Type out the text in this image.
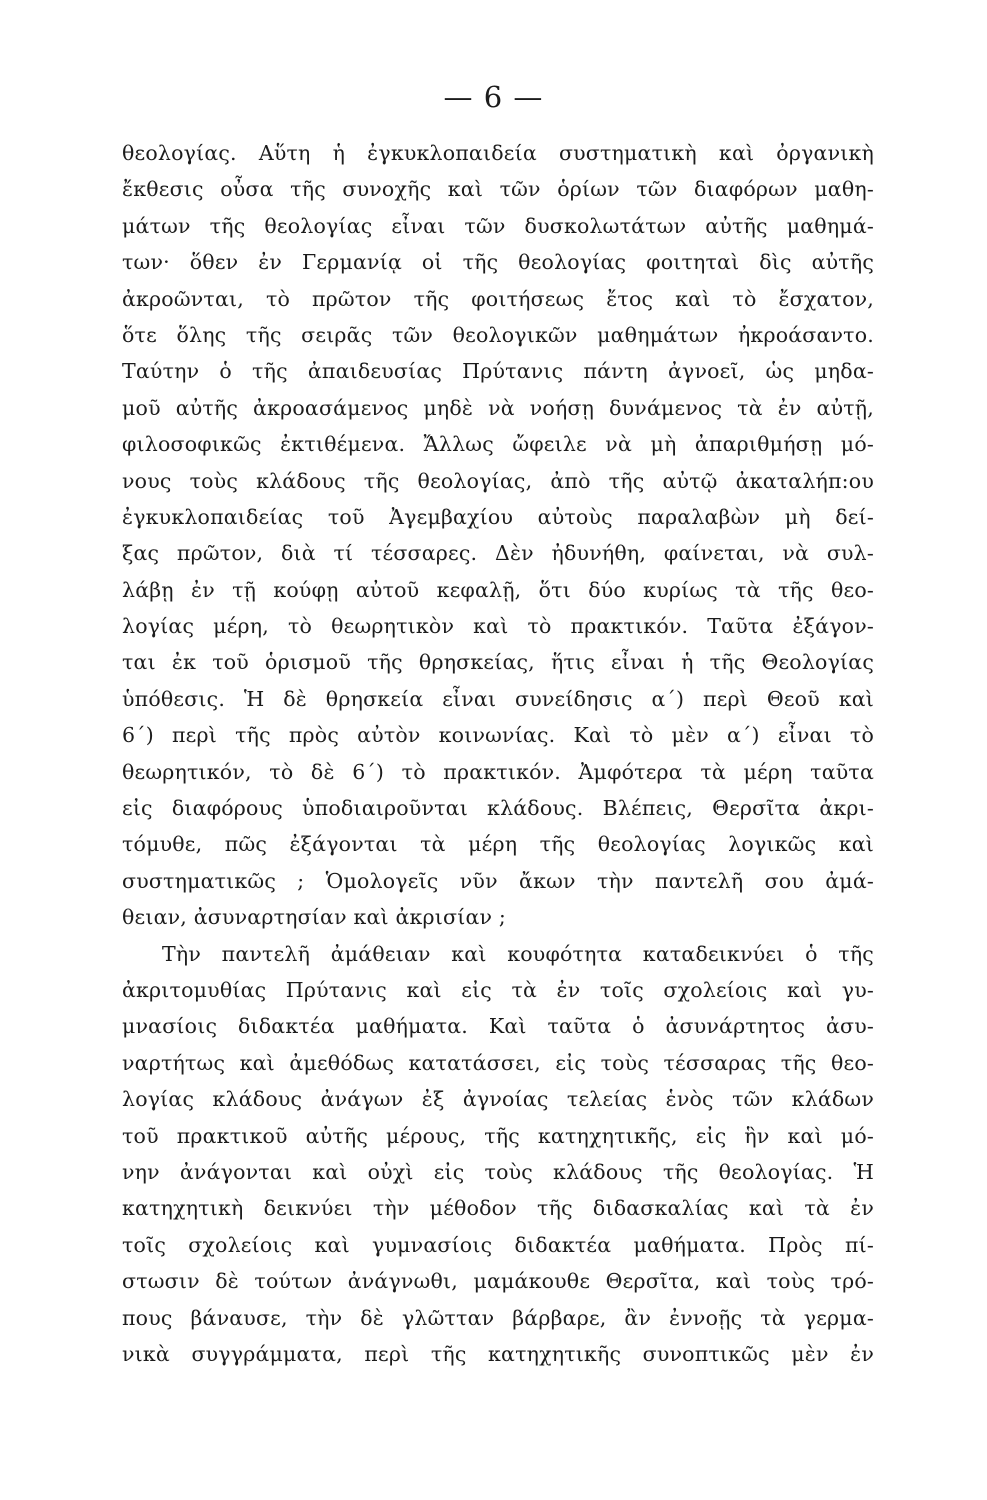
— 6 —
θεολογίας. Αὕτη ἡ ἐγκυκλοπαιδεία συστηματικὴ καὶ ὀργανικὴ
ἔκθεσις οὖσα τῆς συνοχῆς καὶ τῶν ὁρίων τῶν διαφόρων μαθη-
μάτων τῆς θεολογίας εἶναι τῶν δυσκολωτάτων αὐτῆς μαθημά-
των· ὅθεν ἐν Γερμανίᾳ οἱ τῆς θεολογίας φοιτηταὶ δὶς αὐτῆς
ἀκροῶνται, τὸ πρῶτον τῆς φοιτήσεως ἔτος καὶ τὸ ἔσχατον,
ὅτε ὅλης τῆς σειρᾶς τῶν θεολογικῶν μαθημάτων ἠκροάσαντο.
Ταύτην ὁ τῆς ἀπαιδευσίας Πρύτανις πάντη ἀγνοεῖ, ὡς μηδα-
μοῦ αὐτῆς ἀκροασάμενος μηδὲ νὰ νοήσῃ δυνάμενος τὰ ἐν αὐτῇ,
φιλοσοφικῶς ἐκτιθέμενα. Ἄλλως ὤφειλε νὰ μὴ ἀπαριθμήσῃ μό-
νους τοὺς κλάδους τῆς θεολογίας, ἀπὸ τῆς αὐτῷ ἀκαταλήπ:ου
ἐγκυκλοπαιδείας τοῦ Ἀγεμβαχίου αὐτοὺς παραλαβὼν μὴ δεί-
ξας πρῶτον, διὰ τί τέσσαρες. Δὲν ἠδυνήθη, φαίνεται, νὰ συλ-
λάβῃ ἐν τῇ κούφῃ αὐτοῦ κεφαλῇ, ὅτι δύο κυρίως τὰ τῆς θεο-
λογίας μέρη, τὸ θεωρητικὸν καὶ τὸ πρακτικόν. Ταῦτα ἐξάγον-
ται ἐκ τοῦ ὁρισμοῦ τῆς θρησκείας, ἥτις εἶναι ἡ τῆς Θεολογίας
ὑπόθεσις. Ἡ δὲ θρησκεία εἶναι συνείδησις α΄) περὶ Θεοῦ καὶ
6΄) περὶ τῆς πρὸς αὐτὸν κοινωνίας. Καὶ τὸ μὲν α΄) εἶναι τὸ
θεωρητικόν, τὸ δὲ 6΄) τὸ πρακτικόν. Ἀμφότερα τὰ μέρη ταῦτα
εἰς διαφόρους ὑποδιαιροῦνται κλάδους. Βλέπεις, Θερσῖτα ἀκρι-
τόμυθε, πῶς ἐξάγονται τὰ μέρη τῆς θεολογίας λογικῶς καὶ
συστηματικῶς ; Ὁμολογεῖς νῦν ἄκων τὴν παντελῆ σου ἀμά-
θειαν, ἀσυναρτησίαν καὶ ἀκρισίαν ;
Τὴν παντελῆ ἀμάθειαν καὶ κουφότητα καταδεικνύει ὁ τῆς
ἀκριτομυθίας Πρύτανις καὶ εἰς τὰ ἐν τοῖς σχολείοις καὶ γυ-
μνασίοις διδακτέα μαθήματα. Καὶ ταῦτα ὁ ἀσυνάρτητος ἀσυ-
ναρτήτως καὶ ἀμεθόδως κατατάσσει, εἰς τοὺς τέσσαρας τῆς θεο-
λογίας κλάδους ἀνάγων ἐξ ἀγνοίας τελείας ἑνὸς τῶν κλάδων
τοῦ πρακτικοῦ αὐτῆς μέρους, τῆς κατηχητικῆς, εἰς ἣν καὶ μό-
νην ἀνάγονται καὶ οὐχὶ εἰς τοὺς κλάδους τῆς θεολογίας. Ἡ
κατηχητικὴ δεικνύει τὴν μέθοδον τῆς διδασκαλίας καὶ τὰ ἐν
τοῖς σχολείοις καὶ γυμνασίοις διδακτέα μαθήματα. Πρὸς πί-
στωσιν δὲ τούτων ἀνάγνωθι, μαμάκουθε Θερσῖτα, καὶ τοὺς τρό-
πους βάναυσε, τὴν δὲ γλῶτταν βάρβαρε, ἂν ἐννοῇς τὰ γερμα-
νικὰ συγγράμματα, περὶ τῆς κατηχητικῆς συνοπτικῶς μὲν ἐν
